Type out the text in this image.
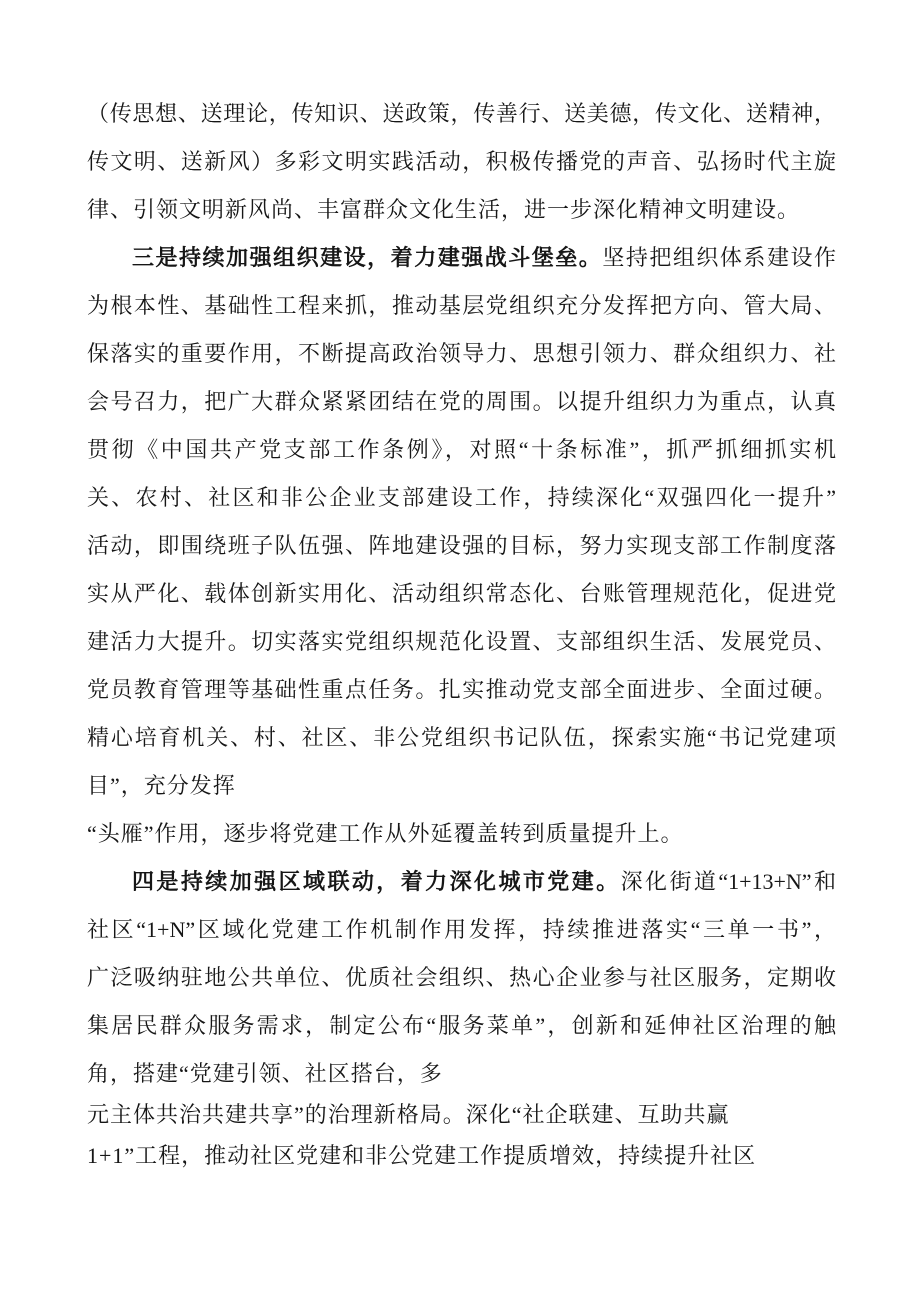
（传思想、送理论，传知识、送政策，传善行、送美德，传文化、送精神，
传文明、送新风）多彩文明实践活动，积极传播党的声音、弘扬时代主旋
律、引领文明新风尚、丰富群众文化生活，进一步深化精神文明建设。
三是持续加强组织建设，着力建强战斗堡垒。坚持把组织体系建设作
为根本性、基础性工程来抓，推动基层党组织充分发挥把方向、管大局、
保落实的重要作用，不断提高政治领导力、思想引领力、群众组织力、社
会号召力，把广大群众紧紧团结在党的周围。以提升组织力为重点，认真
贯彻《中国共产党支部工作条例》，对照“十条标准”，抓严抓细抓实机
关、农村、社区和非公企业支部建设工作，持续深化“双强四化一提升”
活动，即围绕班子队伍强、阵地建设强的目标，努力实现支部工作制度落
实从严化、载体创新实用化、活动组织常态化、台账管理规范化，促进党
建活力大提升。切实落实党组织规范化设置、支部组织生活、发展党员、
党员教育管理等基础性重点任务。扎实推动党支部全面进步、全面过硬。
精心培育机关、村、社区、非公党组织书记队伍，探索实施“书记党建项
目”，充分发挥
“头雁”作用，逐步将党建工作从外延覆盖转到质量提升上。
四是持续加强区域联动，着力深化城市党建。深化街道“1+13+N”和
社区“1+N”区域化党建工作机制作用发挥，持续推进落实“三单一书”，
广泛吸纳驻地公共单位、优质社会组织、热心企业参与社区服务，定期收
集居民群众服务需求，制定公布“服务菜单”，创新和延伸社区治理的触
角，搭建“党建引领、社区搭台，多
元主体共治共建共享”的治理新格局。深化“社企联建、互助共赢
1+1”工程，推动社区党建和非公党建工作提质增效，持续提升社区
